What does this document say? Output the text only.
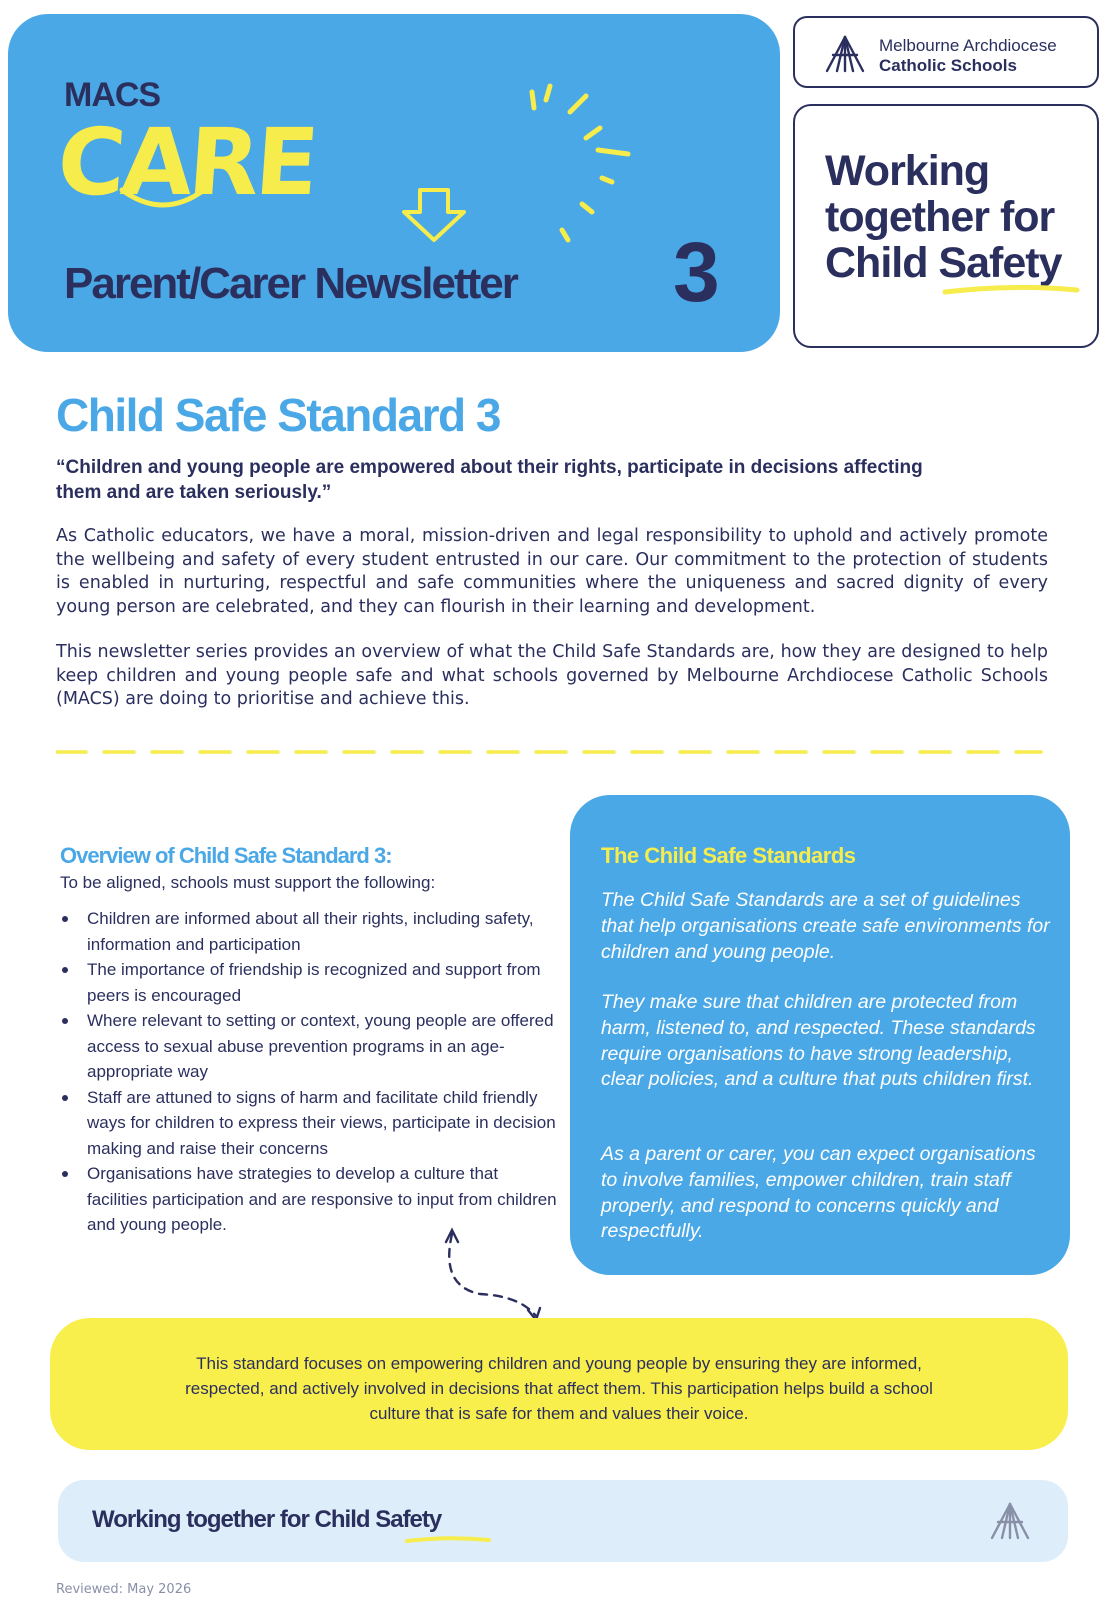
MACS
CARE
Parent/Carer Newsletter 3
Melbourne Archdiocese
Catholic Schools
Working together for Child Safety
Child Safe Standard 3
“Children and young people are empowered about their rights, participate in decisions affecting them and are taken seriously.”
As Catholic educators, we have a moral, mission-driven and legal responsibility to uphold and actively promote the wellbeing and safety of every student entrusted in our care. Our commitment to the protection of students is enabled in nurturing, respectful and safe communities where the uniqueness and sacred dignity of every young person are celebrated, and they can flourish in their learning and development.
This newsletter series provides an overview of what the Child Safe Standards are, how they are designed to help keep children and young people safe and what schools governed by Melbourne Archdiocese Catholic Schools (MACS) are doing to prioritise and achieve this.
Overview of Child Safe Standard 3:
To be aligned, schools must support the following:
Children are informed about all their rights, including safety, information and participation
The importance of friendship is recognized and support from peers is encouraged
Where relevant to setting or context, young people are offered access to sexual abuse prevention programs in an age-appropriate way
Staff are attuned to signs of harm and facilitate child friendly ways for children to express their views, participate in decision making and raise their concerns
Organisations have strategies to develop a culture that facilities participation and are responsive to input from children and young people.
The Child Safe Standards
The Child Safe Standards are a set of guidelines that help organisations create safe environments for children and young people.
They make sure that children are protected from harm, listened to, and respected. These standards require organisations to have strong leadership, clear policies, and a culture that puts children first.
As a parent or carer, you can expect organisations to involve families, empower children, train staff properly, and respond to concerns quickly and respectfully.
This standard focuses on empowering children and young people by ensuring they are informed,
respected, and actively involved in decisions that affect them. This participation helps build a school
culture that is safe for them and values their voice.
Working together for Child Safety
Reviewed: May 2026
